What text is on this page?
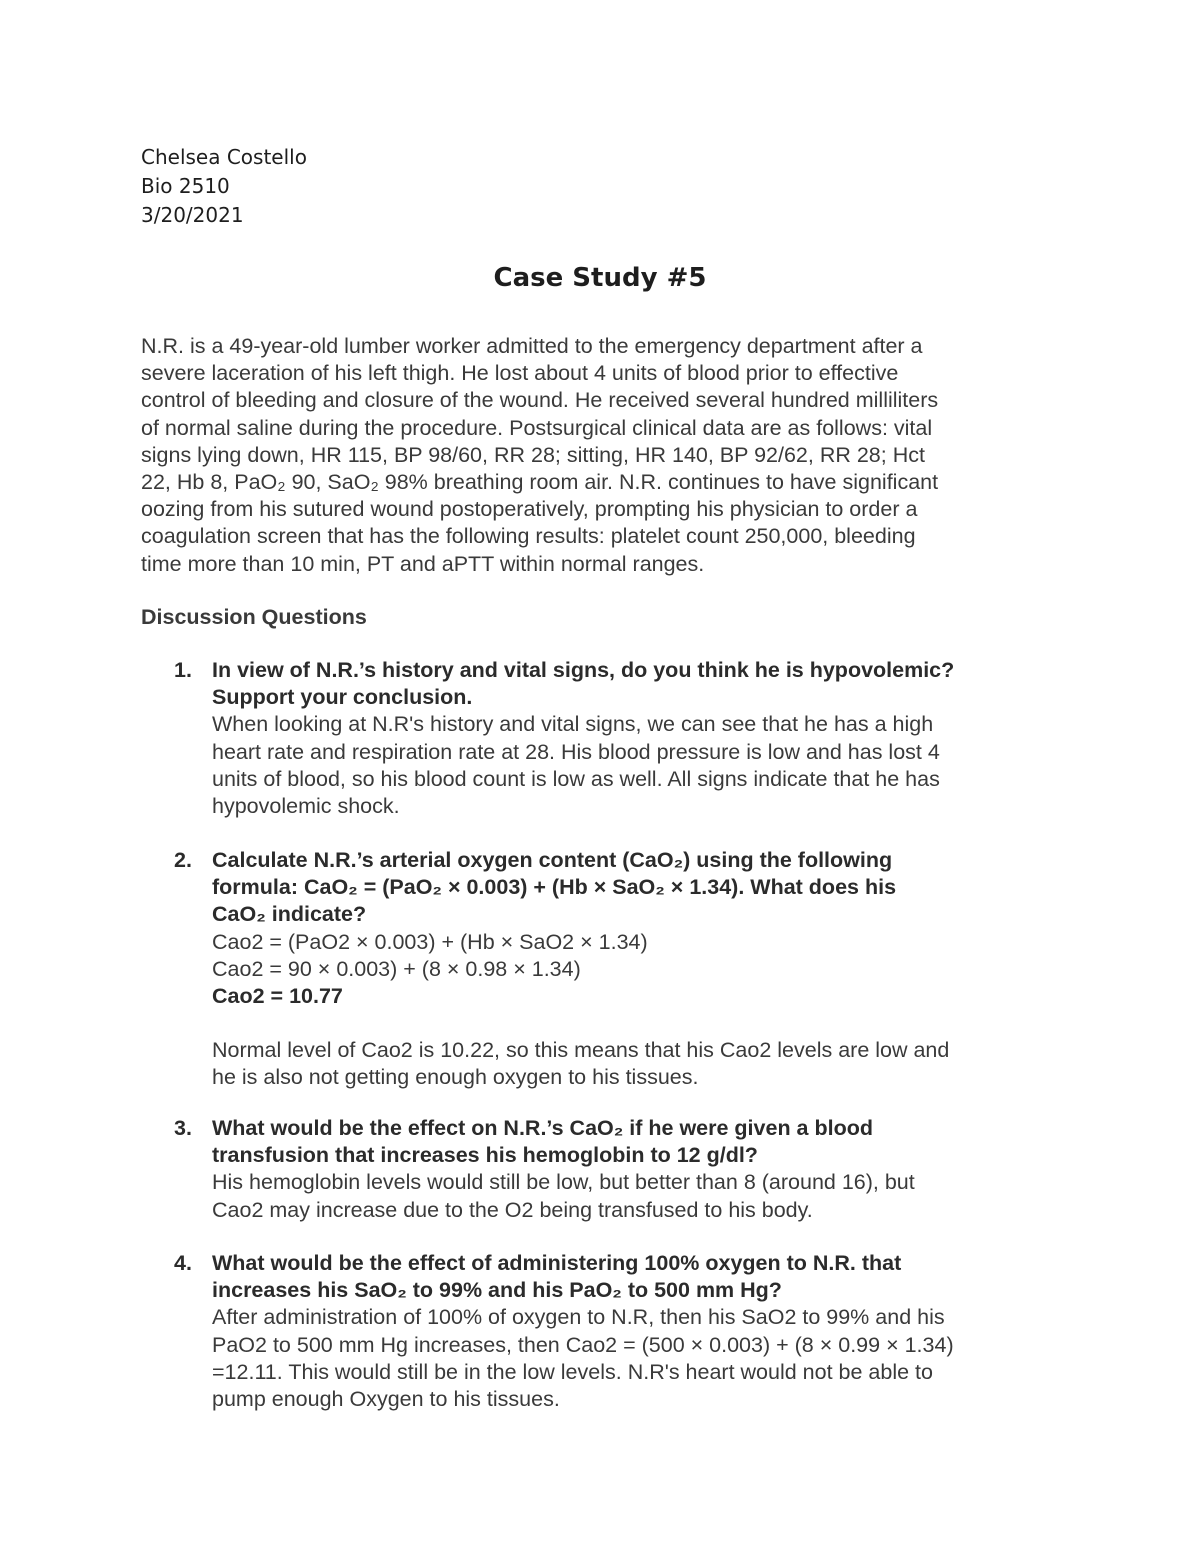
Chelsea Costello
Bio 2510
3/20/2021
Case Study #5
N.R. is a 49-year-old lumber worker admitted to the emergency department after a
severe laceration of his left thigh. He lost about 4 units of blood prior to effective
control of bleeding and closure of the wound. He received several hundred milliliters
of normal saline during the procedure. Postsurgical clinical data are as follows: vital
signs lying down, HR 115, BP 98/60, RR 28; sitting, HR 140, BP 92/62, RR 28; Hct
22, Hb 8, PaO₂ 90, SaO₂ 98% breathing room air. N.R. continues to have significant
oozing from his sutured wound postoperatively, prompting his physician to order a
coagulation screen that has the following results: platelet count 250,000, bleeding
time more than 10 min, PT and aPTT within normal ranges.
Discussion Questions
1. In view of N.R.’s history and vital signs, do you think he is hypovolemic?
Support your conclusion.
When looking at N.R's history and vital signs, we can see that he has a high
heart rate and respiration rate at 28. His blood pressure is low and has lost 4
units of blood, so his blood count is low as well. All signs indicate that he has
hypovolemic shock.
2. Calculate N.R.’s arterial oxygen content (CaO₂) using the following
formula: CaO₂ = (PaO₂ × 0.003) + (Hb × SaO₂ × 1.34). What does his
CaO₂ indicate?
Cao2 = (PaO2 × 0.003) + (Hb × SaO2 × 1.34)
Cao2 = 90 × 0.003) + (8 × 0.98 × 1.34)
Cao2 = 10.77
Normal level of Cao2 is 10.22, so this means that his Cao2 levels are low and
he is also not getting enough oxygen to his tissues.
3. What would be the effect on N.R.’s CaO₂ if he were given a blood
transfusion that increases his hemoglobin to 12 g/dl?
His hemoglobin levels would still be low, but better than 8 (around 16), but
Cao2 may increase due to the O2 being transfused to his body.
4. What would be the effect of administering 100% oxygen to N.R. that
increases his SaO₂ to 99% and his PaO₂ to 500 mm Hg?
After administration of 100% of oxygen to N.R, then his SaO2 to 99% and his
PaO2 to 500 mm Hg increases, then Cao2 = (500 × 0.003) + (8 × 0.99 × 1.34)
=12.11. This would still be in the low levels. N.R's heart would not be able to
pump enough Oxygen to his tissues.
